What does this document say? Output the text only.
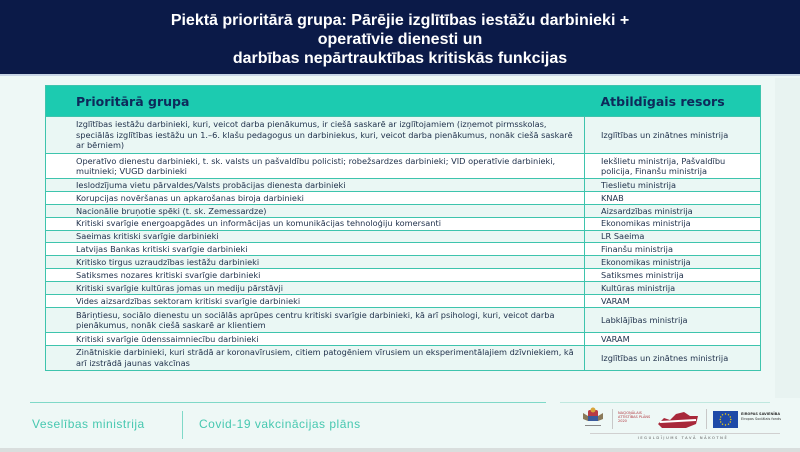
Piektā prioritārā grupa: Pārējie izglītības iestāžu darbinieki +
operatīvie dienesti un
darbības nepārtrauktības kritiskās funkcijas
Prioritārā grupa	Atbildīgais resors
Izglītības iestāžu darbinieki, kuri, veicot darba pienākumus, ir ciešā saskarē ar izglītojamiem (izņemot pirmsskolas, speciālās izglītības iestāžu un 1.–6. klašu pedagogus un darbiniekus, kuri, veicot darba pienākumus, nonāk ciešā saskarē ar bērniem)	Izglītības un zinātnes ministrija
Operatīvo dienestu darbinieki, t. sk. valsts un pašvaldību policisti; robežsardzes darbinieki; VID operatīvie darbinieki, muitnieki; VUGD darbinieki	Iekšlietu ministrija, Pašvaldību policija, Finanšu ministrija
Ieslodzījuma vietu pārvaldes/Valsts probācijas dienesta darbinieki	Tieslietu ministrija
Korupcijas novēršanas un apkarošanas biroja darbinieki	KNAB
Nacionālie bruņotie spēki (t. sk. Zemessardze)	Aizsardzības ministrija
Kritiski svarīgie energoapgādes un informācijas un komunikācijas tehnoloģiju komersanti	Ekonomikas ministrija
Saeimas kritiski svarīgie darbinieki	LR Saeima
Latvijas Bankas kritiski svarīgie darbinieki	Finanšu ministrija
Kritisko tirgus uzraudzības iestāžu darbinieki	Ekonomikas ministrija
Satiksmes nozares kritiski svarīgie darbinieki	Satiksmes ministrija
Kritiski svarīgie kultūras jomas un mediju pārstāvji	Kultūras ministrija
Vides aizsardzības sektoram kritiski svarīgie darbinieki	VARAM
Bāriņtiesu, sociālo dienestu un sociālās aprūpes centru kritiski svarīgie darbinieki, kā arī psihologi, kuri, veicot darba pienākumus, nonāk ciešā saskarē ar klientiem	Labklājības ministrija
Kritiski svarīgie ūdenssaimniecību darbinieki	VARAM
Zinātniskie darbinieki, kuri strādā ar koronavīrusiem, citiem patogēniem vīrusiem un eksperimentālajiem dzīvniekiem, kā arī izstrādā jaunas vakcīnas	Izglītības un zinātnes ministrija
Veselības ministrija	Covid-19 vakcinācijas plāns
NACIONĀLAIS ATTĪSTĪBAS PLĀNS 2020
EIROPAS SAVIENĪBA
Eiropas Sociālais fonds
IEGULDĪJUMS TAVĀ NĀKOTNĒ
